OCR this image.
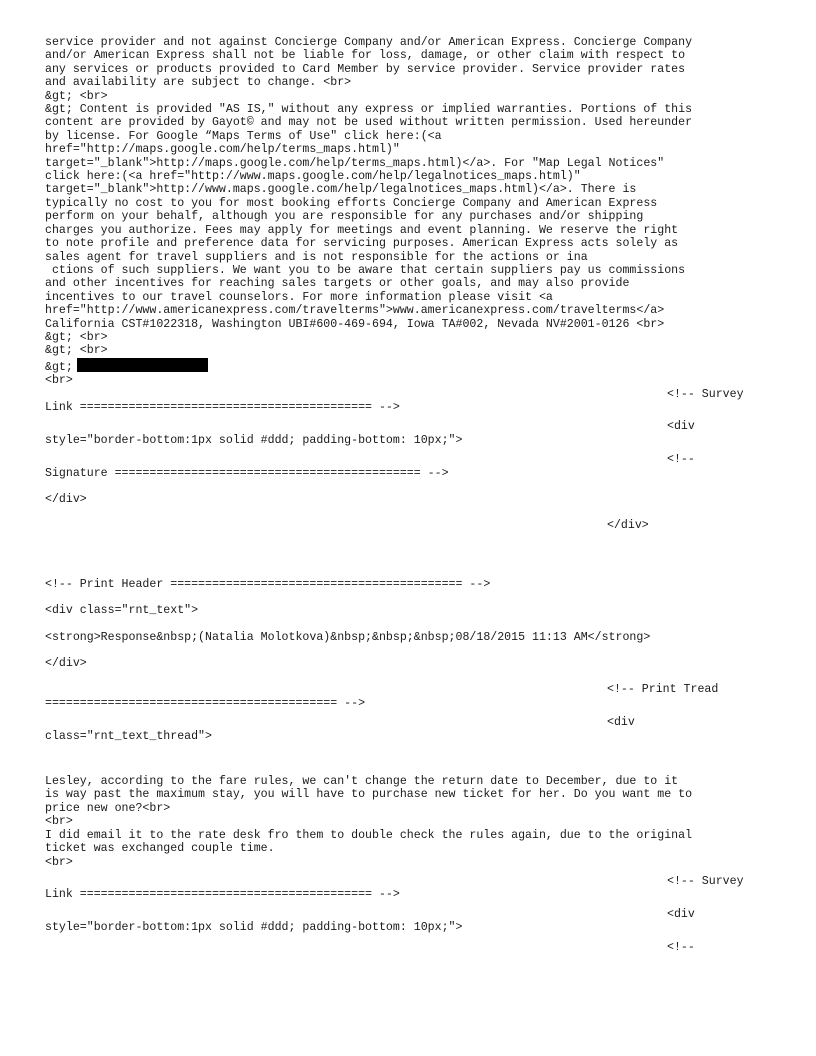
service provider and not against Concierge Company and/or American Express. Concierge Company
and/or American Express shall not be liable for loss, damage, or other claim with respect to
any services or products provided to Card Member by service provider. Service provider rates
and availability are subject to change. <br>
&gt; <br>
&gt; Content is provided "AS IS," without any express or implied warranties. Portions of this
content are provided by Gayot© and may not be used without written permission. Used hereunder
by license. For Google “Maps Terms of Use" click here:(<a
href="http://maps.google.com/help/terms_maps.html)"
target="_blank">http://maps.google.com/help/terms_maps.html)</a>. For "Map Legal Notices"
click here:(<a href="http://www.maps.google.com/help/legalnotices_maps.html)"
target="_blank">http://www.maps.google.com/help/legalnotices_maps.html)</a>. There is
typically no cost to you for most booking efforts Concierge Company and American Express
perform on your behalf, although you are responsible for any purchases and/or shipping
charges you authorize. Fees may apply for meetings and event planning. We reserve the right
to note profile and preference data for servicing purposes. American Express acts solely as
sales agent for travel suppliers and is not responsible for the actions or ina
ctions of such suppliers. We want you to be aware that certain suppliers pay us commissions
and other incentives for reaching sales targets or other goals, and may also provide
incentives to our travel counselors. For more information please visit <a
href="http://www.americanexpress.com/travelterms">www.americanexpress.com/travelterms</a>
California CST#1022318, Washington UBI#600-469-694, Iowa TA#002, Nevada NV#2001-0126 <br>
&gt; <br>
&gt; <br>
&gt;
<br>
<!-- Survey
Link ========================================== -->
<div
style="border-bottom:1px solid #ddd; padding-bottom: 10px;">
<!--
Signature ============================================ -->
</div>
</div>
<!-- Print Header ========================================== -->
<div class="rnt_text">
<strong>Response&nbsp;(Natalia Molotkova)&nbsp;&nbsp;&nbsp;08/18/2015 11:13 AM</strong>
</div>
<!-- Print Tread
========================================== -->
<div
class="rnt_text_thread">
Lesley, according to the fare rules, we can't change the return date to December, due to it
is way past the maximum stay, you will have to purchase new ticket for her. Do you want me to
price new one?<br>
<br>
I did email it to the rate desk fro them to double check the rules again, due to the original
ticket was exchanged couple time.
<br>
<!-- Survey
Link ========================================== -->
<div
style="border-bottom:1px solid #ddd; padding-bottom: 10px;">
<!--
